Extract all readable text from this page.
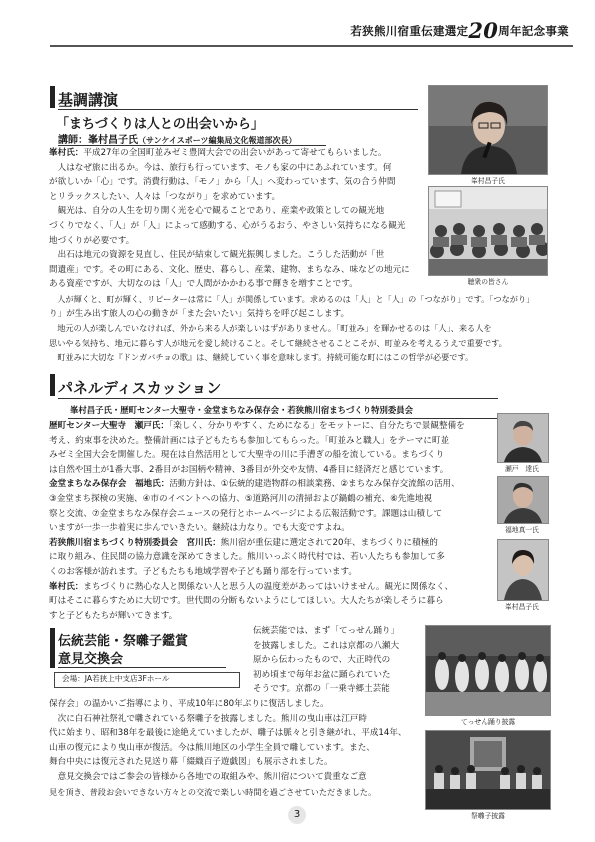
若狭熊川宿重伝建選定20周年記念事業
基調講演
「まちづくりは人との出会いから」
講師：峯村昌子氏（サンケイスポーツ編集局文化報道部次長）
峯村氏：平成27年の全国町並みゼミ豊岡大会での出会いがあって寄せてもらいました。
　人はなぜ旅に出るか。今は、旅行も行っています、モノも家の中にあふれています。何
が欲しいか「心」です。消費行動は、「モノ」から「人」へ変わっています、気の合う仲間
とリラックスしたい、人々は「つながり」を求めています。
　観光は、自分の人生を切り開く光を心で観ることであり、産業や政策としての観光地
づくりでなく、「人」が「人」によって感動する、心がうるおう、やさしい気持ちになる観光
地づくりが必要です。
　出石は地元の資源を見直し、住民が結束して観光振興しました。こうした活動が「世
間遺産」です。その町にある、文化、歴史、暮らし、産業、建物、まちなみ、味などの地元に
ある資産ですが、大切なのは「人」で人間がかかわる事で輝きを増すことです。
　人が輝くと、町が輝く、リピーターは常に「人」が関係しています。求めるのは「人」と「人」の「つながり」です。「つながり」
り」が生み出す旅人の心の動きが「また会いたい」気持ちを呼び起こします。
　地元の人が楽しんでいなければ、外から来る人が楽しいはずがありません。「町並み」を輝かせるのは「人」、来る人を
思いやる気持ち、地元に暮らす人が地元を愛し続けること。そして継続させることこそが、町並みを考えるうえで重要です。
　町並みに大切な『ドンガバチョの歌』は、継続していく事を意味します。持続可能な町にはこの哲学が必要です。
峯村昌子氏
聴衆の皆さん
パネルディスカッション
峯村昌子氏・歴町センター大聖寺・金堂まちなみ保存会・若狭熊川宿まちづくり特別委員会
歴町センター大聖寺　瀬戸氏：「楽しく、分かりやすく、ためになる」をモットーに、自分たちで景観整備を
考え、約束事を決めた。整備計画には子どもたちも参加してもらった。「町並みと職人」をテーマに町並
みゼミ全国大会を開催した。現在は自然活用として大聖寺の川に手漕ぎの船を流している。まちづくり
は自然や国土が1番大事、2番目がお国柄や精神、3番目が外交や友情、4番目に経済だと感じています。
金堂まちなみ保存会　福地氏：活動方針は、①伝統的建造物群の相談業務、②まちなみ保存交流館の活用、
③金堂まち探検の実施、④市のイベントへの協力、⑤道路河川の清掃および鍋鶴の補充、⑥先進地視
察と交流、⑦金堂まちなみ保存会ニュースの発行とホームページによる広報活動です。課題は山積して
いますが一歩一歩着実に歩んでいきたい。継続は力なり。でも大変ですよね。
若狭熊川宿まちづくり特別委員会　宮川氏：熊川宿が重伝建に選定されて20年、まちづくりに積極的
に取り組み、住民間の協力意識を深めてきました。熊川いっぷく時代村では、若い人たちも参加して多
くのお客様が訪れます。子どもたちも地域学習や子ども踊り部を行っています。
峯村氏：まちづくりに熱心な人と関係ない人と思う人の温度差があってはいけません。観光に関係なく、
町はそこに暮らすために大切です。世代間の分断もないようにしてほしい。大人たちが楽しそうに暮ら
すと子どもたちが輝いてきます。
瀬戸　達氏
福地真一氏
峯村昌子氏
伝統芸能・祭囃子鑑賞
意見交換会
会場：JA若狭上中支店3Fホール
伝統芸能では、まず「てっせん踊り」
を披露しました。これは京都の八瀬大
原から伝わったもので、大正時代の
初め頃まで毎年お盆に踊られていた
そうです。京都の「一乗寺郷土芸能
保存会」の温かいご指導により、平成10年に80年ぶりに復活しました。
　次に白石神社祭礼で囃されている祭囃子を披露しました。熊川の曳山車は江戸時
代に始まり、昭和38年を最後に途絶えていましたが、囃子は脈々と引き継がれ、平成14年、
山車の復元により曳山車が復活。今は熊川地区の小学生全員で囃しています。また、
舞台中央には復元された見送り幕「綴織百子遊戯図」も展示されました。
　意見交換会ではご参会の皆様から各地での取組みや、熊川宿について貴重なご意
見を頂き、普段お会いできない方々との交流で楽しい時間を過ごさせていただきました。
てっせん踊り披露
祭囃子披露
3
